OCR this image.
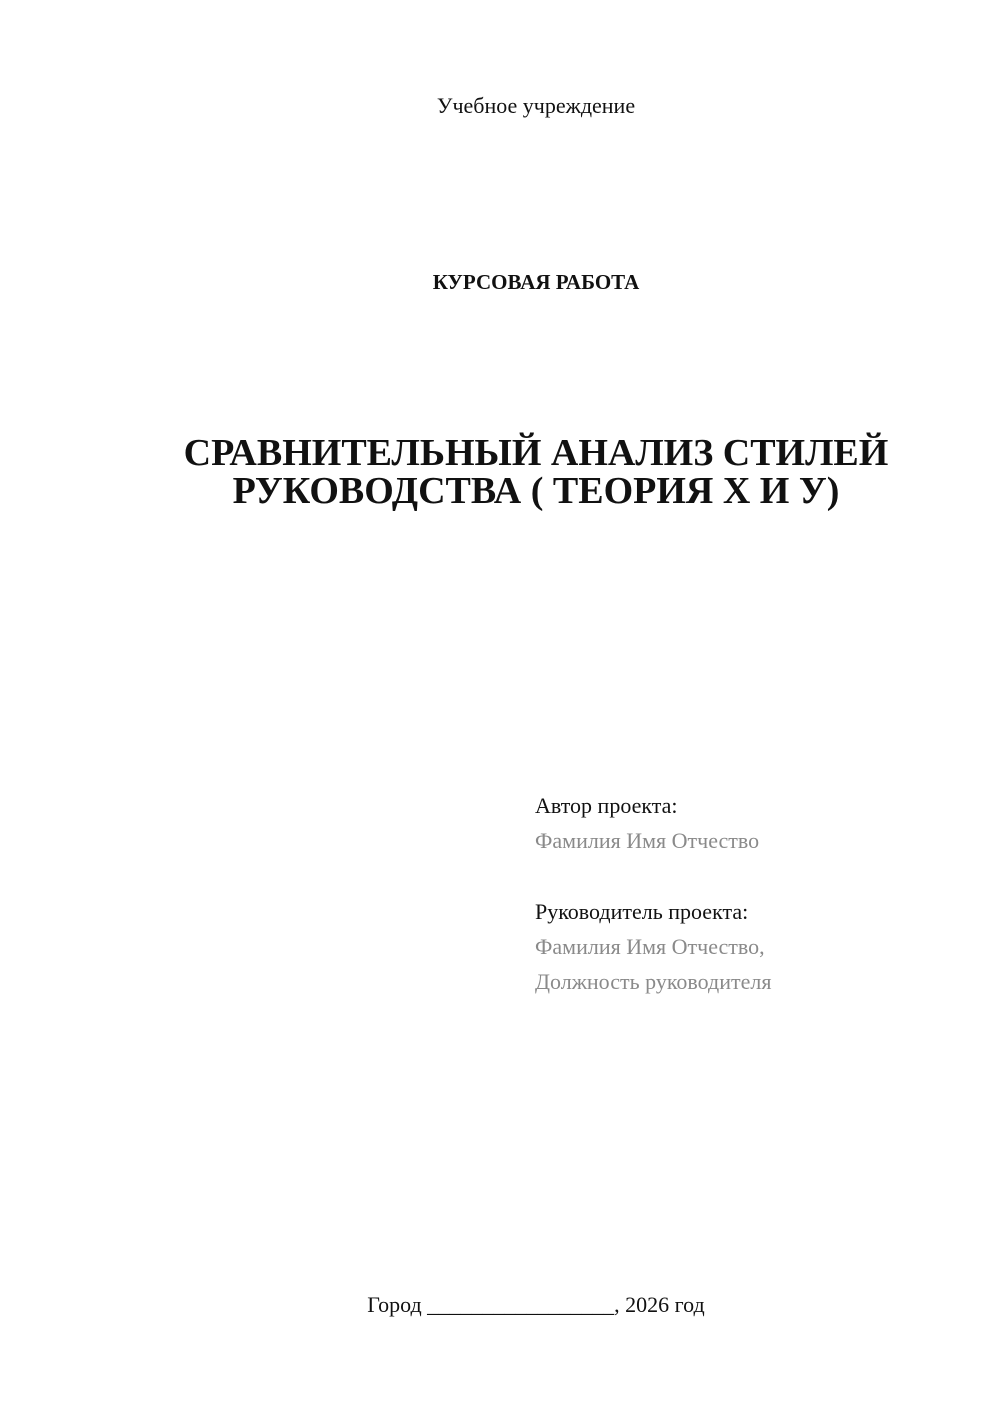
Учебное учреждение
КУРСОВАЯ РАБОТА
СРАВНИТЕЛЬНЫЙ АНАЛИЗ СТИЛЕЙ
РУКОВОДСТВА ( ТЕОРИЯ Х И У)
Автор проекта:
Фамилия Имя Отчество
Руководитель проекта:
Фамилия Имя Отчество,
Должность руководителя
Город _________________, 2026 год
